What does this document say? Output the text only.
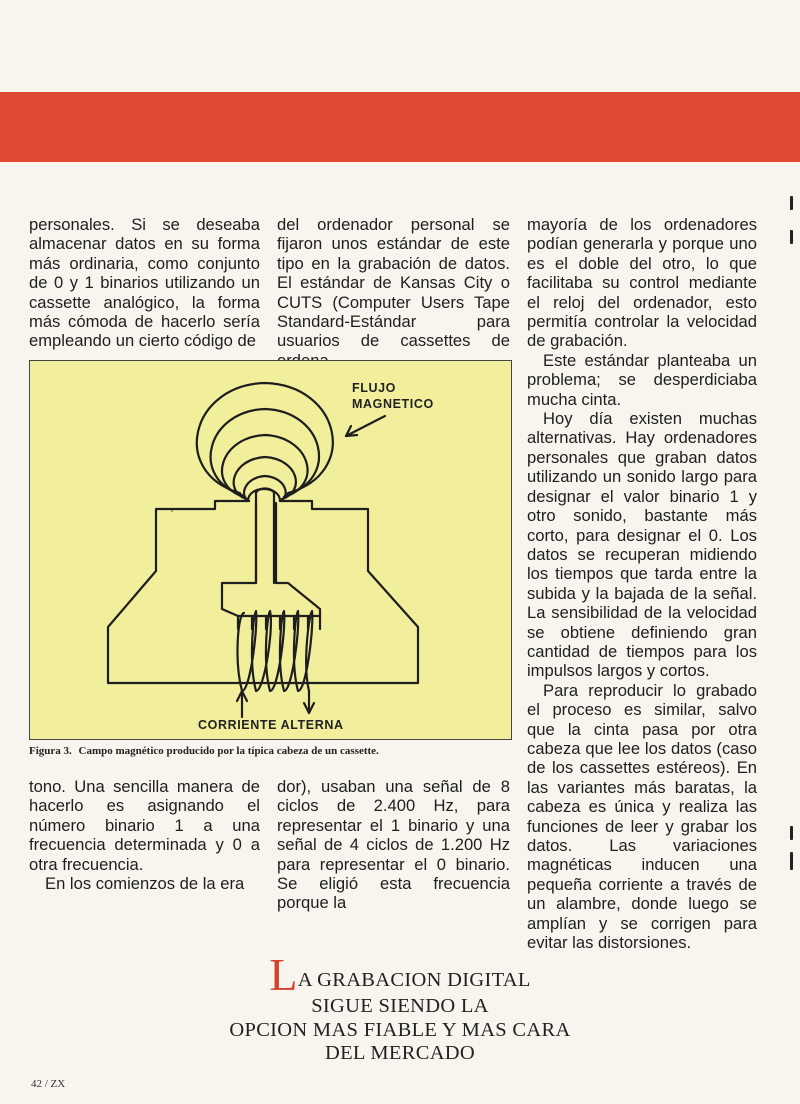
personales. Si se deseaba almacenar datos en su forma más ordinaria, como conjunto de 0 y 1 binarios utilizando un cassette analógico, la forma más cómoda de hacerlo sería empleando un cierto código de

del ordenador personal se fijaron unos estándar de este tipo en la grabación de datos. El estándar de Kansas City o CUTS (Computer Users Tape Standard-Estándar para usuarios de cassettes de

mayoría de los ordenadores podían generarla y porque uno es el doble del otro, lo que facilitaba su control mediante el reloj del ordenador, esto permitía controlar la velocidad de grabación.

Este estándar planteaba un problema; se desperdiciaba mucha cinta.

Hoy día existen muchas alternativas. Hay ordenadores personales que graban datos utilizando un sonido largo para designar el valor binario 1 y otro sonido, bastante más corto, para designar el 0. Los datos se recuperan midiendo los tiempos que tarda entre la subida y la bajada de la señal. La sensibilidad de la velocidad se obtiene definiendo gran cantidad de tiempos para los impulsos largos y cortos.

Para reproducir lo grabado el proceso es similar, salvo que la cinta pasa por otra cabeza que lee los datos (caso de los cassettes estéreos). En las variantes más baratas, la cabeza es única y realiza las funciones de leer y grabar los datos. Las variaciones magnéticas inducen una pequeña corriente a través de un alambre, donde luego se amplían y se corrigen para evitar las distorsiones.

FLUJO
MAGNETICO
CORRIENTE ALTERNA
Figura 3. Campo magnético producido por la típica cabeza de un cassette.

tono. Una sencilla manera de hacerlo es asignando el número binario 1 a una frecuencia determinada y 0 a otra frecuencia.

En los comienzos de la era

dor), usaban una señal de 8 ciclos de 2.400 Hz, para representar el 1 binario y una señal de 4 ciclos de 1.200 Hz para representar el 0 binario. Se eligió esta frecuencia porque la

LA GRABACION DIGITAL
SIGUE SIENDO LA
OPCION MAS FIABLE Y MAS CARA
DEL MERCADO
42 / ZX
